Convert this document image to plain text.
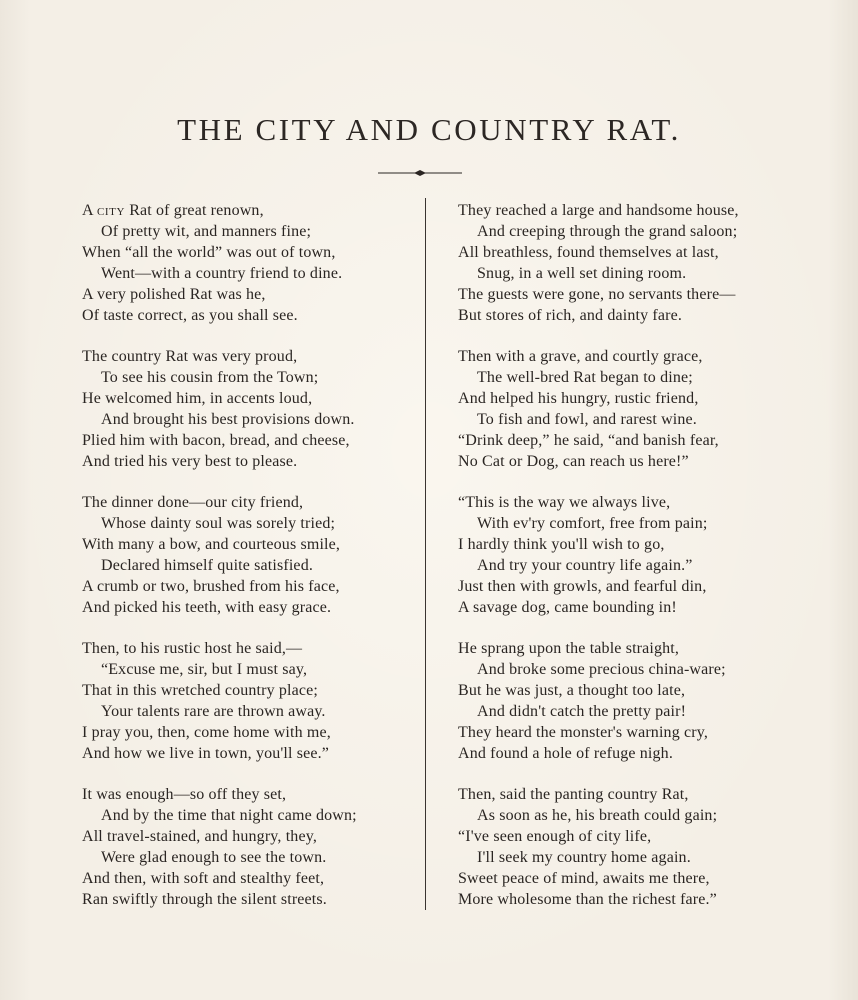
THE CITY AND COUNTRY RAT.
A city Rat of great renown,
Of pretty wit, and manners fine;
When “all the world” was out of town,
Went—with a country friend to dine.
A very polished Rat was he,
Of taste correct, as you shall see.
The country Rat was very proud,
To see his cousin from the Town;
He welcomed him, in accents loud,
And brought his best provisions down.
Plied him with bacon, bread, and cheese,
And tried his very best to please.
The dinner done—our city friend,
Whose dainty soul was sorely tried;
With many a bow, and courteous smile,
Declared himself quite satisfied.
A crumb or two, brushed from his face,
And picked his teeth, with easy grace.
Then, to his rustic host he said,—
“Excuse me, sir, but I must say,
That in this wretched country place;
Your talents rare are thrown away.
I pray you, then, come home with me,
And how we live in town, you'll see.”
It was enough—so off they set,
And by the time that night came down;
All travel-stained, and hungry, they,
Were glad enough to see the town.
And then, with soft and stealthy feet,
Ran swiftly through the silent streets.
They reached a large and handsome house,
And creeping through the grand saloon;
All breathless, found themselves at last,
Snug, in a well set dining room.
The guests were gone, no servants there—
But stores of rich, and dainty fare.
Then with a grave, and courtly grace,
The well-bred Rat began to dine;
And helped his hungry, rustic friend,
To fish and fowl, and rarest wine.
“Drink deep,” he said, “and banish fear,
No Cat or Dog, can reach us here!”
“This is the way we always live,
With ev'ry comfort, free from pain;
I hardly think you'll wish to go,
And try your country life again.”
Just then with growls, and fearful din,
A savage dog, came bounding in!
He sprang upon the table straight,
And broke some precious china-ware;
But he was just, a thought too late,
And didn't catch the pretty pair!
They heard the monster's warning cry,
And found a hole of refuge nigh.
Then, said the panting country Rat,
As soon as he, his breath could gain;
“I've seen enough of city life,
I'll seek my country home again.
Sweet peace of mind, awaits me there,
More wholesome than the richest fare.”
